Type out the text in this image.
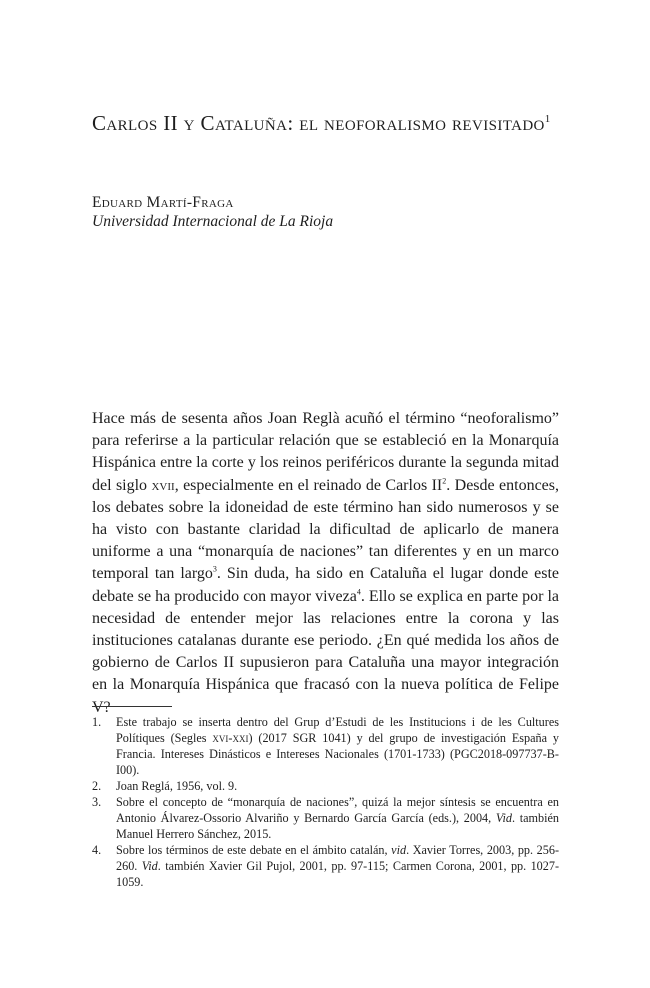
Carlos II y Cataluña: el neoforalismo revisitado$^1$
Eduard Martí-Fraga
Universidad Internacional de La Rioja

Hace más de sesenta años Joan Reglà acuñó el término “neoforalismo” para referirse a la particular relación que se estableció en la Monarquía Hispánica entre la corte y los reinos periféricos durante la segunda mitad del siglo xvii, especialmente en el reinado de Carlos $II^2$. Desde entonces, los debates sobre la idoneidad de este término han sido numerosos y se ha visto con bastante claridad la dificultad de aplicarlo de manera uniforme a una “monarquía de naciones” tan diferentes y en un marco temporal tan largo$^3$. Sin duda, ha sido en Cataluña el lugar donde este debate se ha producido con mayor viveza$^4$. Ello se explica en parte por la necesidad de entender mejor las relaciones entre la corona y las instituciones catalanas durante ese periodo. ¿En qué medida los años de gobierno de Carlos II supusieron para Cataluña una mayor integración en la Monarquía Hispánica que fracasó con la nueva política de Felipe V?

1.	Este trabajo se inserta dentro del Grup d’Estudi de les Institucions i de les Cultures Polítiques (Segles xvi-xxi) (2017 SGR 1041) y del grupo de investigación España y Francia. Intereses Dinásticos e Intereses Nacionales (1701-1733) (PGC2018-097737-B-I00).
2.	Joan Reglá, 1956, vol. 9.
3.	Sobre el concepto de “monarquía de naciones”, quizá la mejor síntesis se encuentra en Antonio Álvarez-Ossorio Alvariño y Bernardo García García (eds.), 2004, Vid. también Manuel Herrero Sánchez, 2015.
4.	Sobre los términos de este debate en el ámbito catalán, vid. Xavier Torres, 2003, pp. 256-260. Vid. también Xavier Gil Pujol, 2001, pp. 97-115; Carmen Corona, 2001, pp. 1027-1059.
